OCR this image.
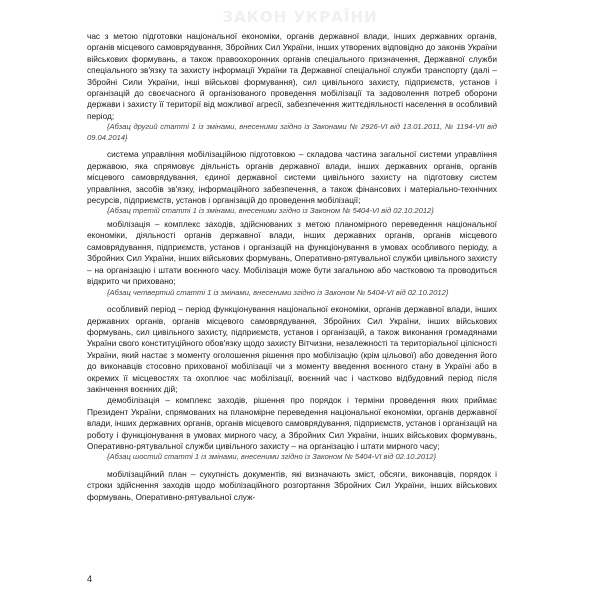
ЗАКОН УКРАЇНИ

час з метою підготовки національної економіки, органів державної влади, інших державних органів, органів місцевого самоврядування, Збройних Сил України, інших утворених відповідно до законів України військових формувань, а також правоохоронних органів спеціального призначення, Державної служби спеціального зв'язку та захисту інформації України та Державної спеціальної служби транспорту (далі – Збройні Сили України, інші військові формування), сил цивільного захисту, підприємств, установ і організацій до своєчасного й організованого проведення мобілізації та задоволення потреб оборони держави і захисту її території від можливої агресії, забезпечення життєдіяльності населення в особливий період;

{Абзац другий статті 1 із змінами, внесеними згідно із Законами № 2926-VI від 13.01.2011, № 1194-VII від 09.04.2014}

система управління мобілізаційною підготовкою – складова частина загальної системи управління державою, яка спрямовує діяльність органів державної влади, інших державних органів, органів місцевого самоврядування, єдиної державної системи цивільного захисту на підготовку систем управління, засобів зв'язку, інформаційного забезпечення, а також фінансових і матеріально-технічних ресурсів, підприємств, установ і організацій до проведення мобілізації;

{Абзац третій статті 1 із змінами, внесеними згідно із Законом № 5404-VI від 02.10.2012}

мобілізація – комплекс заходів, здійснюваних з метою планомірного переведення національної економіки, діяльності органів державної влади, інших державних органів, органів місцевого самоврядування, підприємств, установ і організацій на функціонування в умовах особливого періоду, а Збройних Сил України, інших військових формувань, Оперативно-рятувальної служби цивільного захисту – на організацію і штати воєнного часу. Мобілізація може бути загальною або частковою та проводиться відкрито чи приховано;

{Абзац четвертий статті 1 із змінами, внесеними згідно із Законом № 5404-VI від 02.10.2012}

особливий період – період функціонування національної економіки, органів державної влади, інших державних органів, органів місцевого самоврядування, Збройних Сил України, інших військових формувань, сил цивільного захисту, підприємств, установ і організацій, а також виконання громадянами України свого конституційного обов'язку щодо захисту Вітчизни, незалежності та територіальної цілісності України, який настає з моменту оголошення рішення про мобілізацію (крім цільової) або доведення його до виконавців стосовно прихованої мобілізації чи з моменту введення воєнного стану в Україні або в окремих її місцевостях та охоплює час мобілізації, воєнний час і частково відбудовний період після закінчення воєнних дій;

демобілізація – комплекс заходів, рішення про порядок і терміни проведення яких приймає Президент України, спрямованих на планомірне переведення національної економіки, органів державної влади, інших державних органів, органів місцевого самоврядування, підприємств, установ і організацій на роботу і функціонування в умовах мирного часу, а Збройних Сил України, інших військових формувань, Оперативно-рятувальної служби цивільного захисту – на організацію і штати мирного часу;

{Абзац шостий статті 1 із змінами, внесеними згідно із Законом № 5404-VI від 02.10.2012}

мобілізаційний план – сукупність документів, які визначають зміст, обсяги, виконавців, порядок і строки здійснення заходів щодо мобілізаційного розгортання Збройних Сил України, інших військових формувань, Оперативно-рятувальної служ-

4
